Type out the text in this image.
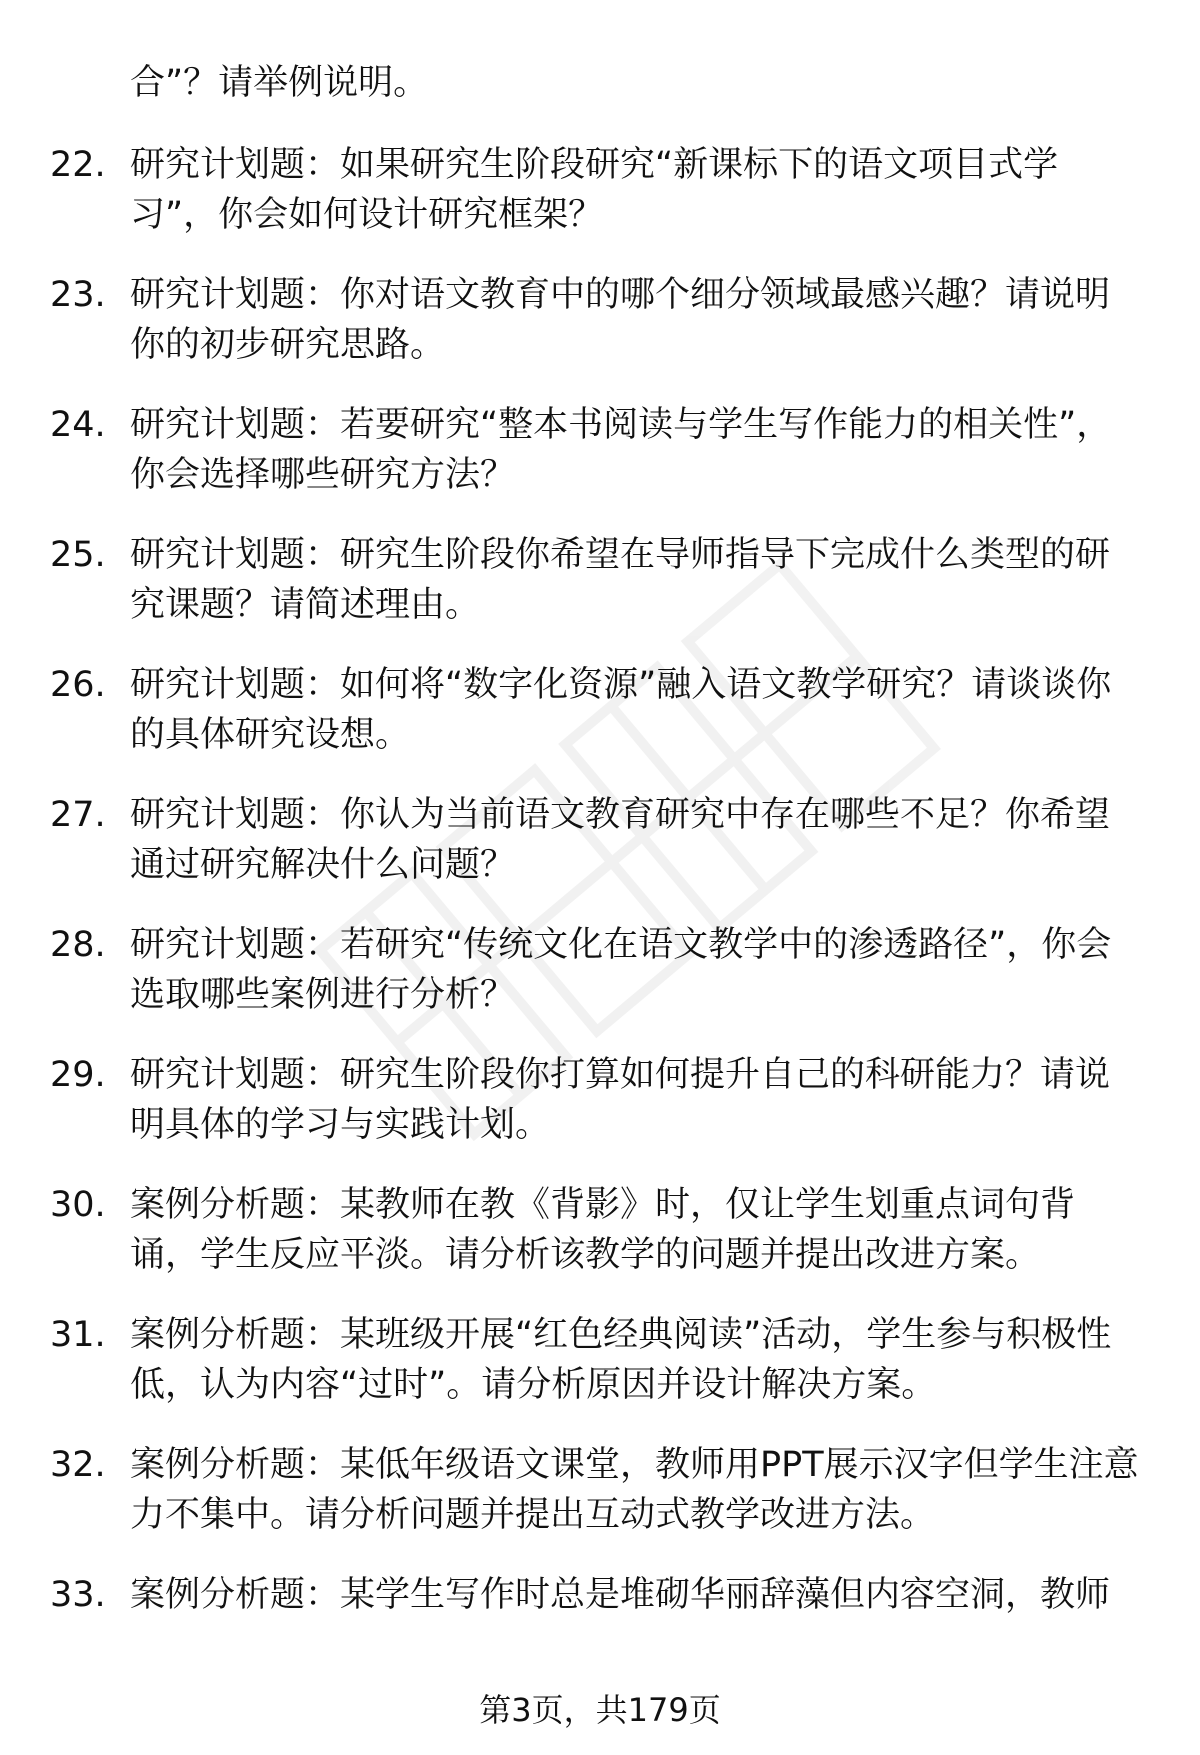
合”？请举例说明。
22. 研究计划题：如果研究生阶段研究“新课标下的语文项目式学习”，你会如何设计研究框架？

23. 研究计划题：你对语文教育中的哪个细分领域最感兴趣？请说明你的初步研究思路。

24. 研究计划题：若要研究“整本书阅读与学生写作能力的相关性”，你会选择哪些研究方法？

25. 研究计划题：研究生阶段你希望在导师指导下完成什么类型的研究课题？请简述理由。

26. 研究计划题：如何将“数字化资源”融入语文教学研究？请谈谈你的具体研究设想。

27. 研究计划题：你认为当前语文教育研究中存在哪些不足？你希望通过研究解决什么问题？

28. 研究计划题：若研究“传统文化在语文教学中的渗透路径”，你会选取哪些案例进行分析？

29. 研究计划题：研究生阶段你打算如何提升自己的科研能力？请说明具体的学习与实践计划。

30. 案例分析题：某教师在教《背影》时，仅让学生划重点词句背诵，学生反应平淡。请分析该教学的问题并提出改进方案。

31. 案例分析题：某班级开展“红色经典阅读”活动，学生参与积极性低，认为内容“过时”。请分析原因并设计解决方案。

32. 案例分析题：某低年级语文课堂，教师用PPT展示汉字但学生注意力不集中。请分析问题并提出互动式教学改进方法。

33. 案例分析题：某学生写作时总是堆砌华丽辞藻但内容空洞，教师

第3页，共179页
